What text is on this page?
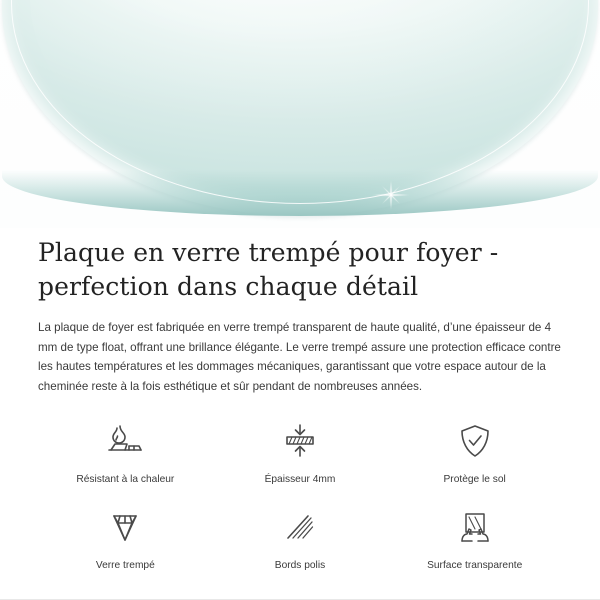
Plaque en verre trempé pour foyer - perfection dans chaque détail

La plaque de foyer est fabriquée en verre trempé transparent de haute qualité, d’une épaisseur de 4 mm de type float, offrant une brillance élégante. Le verre trempé assure une protection efficace contre les hautes températures et les dommages mécaniques, garantissant que votre espace autour de la cheminée reste à la fois esthétique et sûr pendant de nombreuses années.

Résistant à la chaleur	Épaisseur 4mm	Protège le sol
Verre trempé	Bords polis	Surface transparente
